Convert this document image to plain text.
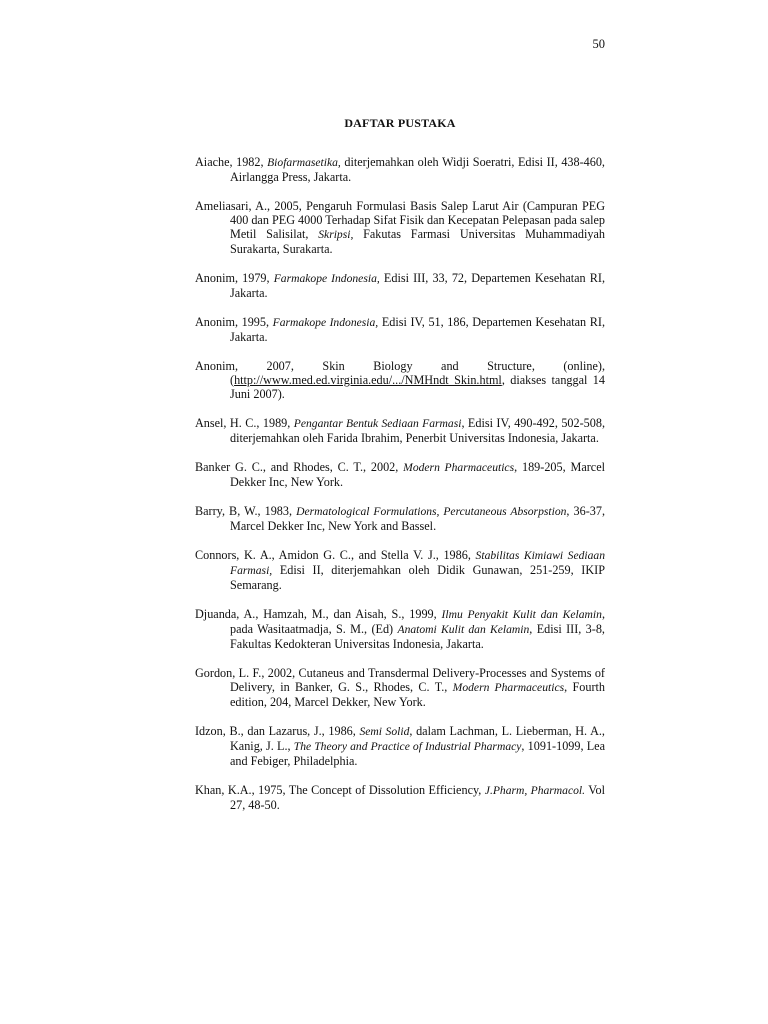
50
DAFTAR PUSTAKA

Aiache, 1982, Biofarmasetika, diterjemahkan oleh Widji Soeratri, Edisi II, 438-460, Airlangga Press, Jakarta.

Ameliasari, A., 2005, Pengaruh Formulasi Basis Salep Larut Air (Campuran PEG 400 dan PEG 4000 Terhadap Sifat Fisik dan Kecepatan Pelepasan pada salep Metil Salisilat, Skripsi, Fakutas Farmasi Universitas Muhammadiyah Surakarta, Surakarta.

Anonim, 1979, Farmakope Indonesia, Edisi III, 33, 72, Departemen Kesehatan RI, Jakarta.

Anonim, 1995, Farmakope Indonesia, Edisi IV, 51, 186, Departemen Kesehatan RI, Jakarta.

Anonim, 2007, Skin Biology and Structure, (online), (http://www.med.ed.virginia.edu/.../NMHndt Skin.html, diakses tanggal 14 Juni 2007).

Ansel, H. C., 1989, Pengantar Bentuk Sediaan Farmasi, Edisi IV, 490-492, 502-508, diterjemahkan oleh Farida Ibrahim, Penerbit Universitas Indonesia, Jakarta.

Banker G. C., and Rhodes, C. T., 2002, Modern Pharmaceutics, 189-205, Marcel Dekker Inc, New York.

Barry, B, W., 1983, Dermatological Formulations, Percutaneous Absorpstion, 36-37, Marcel Dekker Inc, New York and Bassel.

Connors, K. A., Amidon G. C., and Stella V. J., 1986, Stabilitas Kimiawi Sediaan Farmasi, Edisi II, diterjemahkan oleh Didik Gunawan, 251-259, IKIP Semarang.

Djuanda, A., Hamzah, M., dan Aisah, S., 1999, Ilmu Penyakit Kulit dan Kelamin, pada Wasitaatmadja, S. M., (Ed) Anatomi Kulit dan Kelamin, Edisi III, 3-8, Fakultas Kedokteran Universitas Indonesia, Jakarta.

Gordon, L. F., 2002, Cutaneus and Transdermal Delivery-Processes and Systems of Delivery, in Banker, G. S., Rhodes, C. T., Modern Pharmaceutics, Fourth edition, 204, Marcel Dekker, New York.

Idzon, B., dan Lazarus, J., 1986, Semi Solid, dalam Lachman, L. Lieberman, H. A., Kanig, J. L., The Theory and Practice of Industrial Pharmacy, 1091-1099, Lea and Febiger, Philadelphia.

Khan, K.A., 1975, The Concept of Dissolution Efficiency, J.Pharm, Pharmacol. Vol 27, 48-50.
